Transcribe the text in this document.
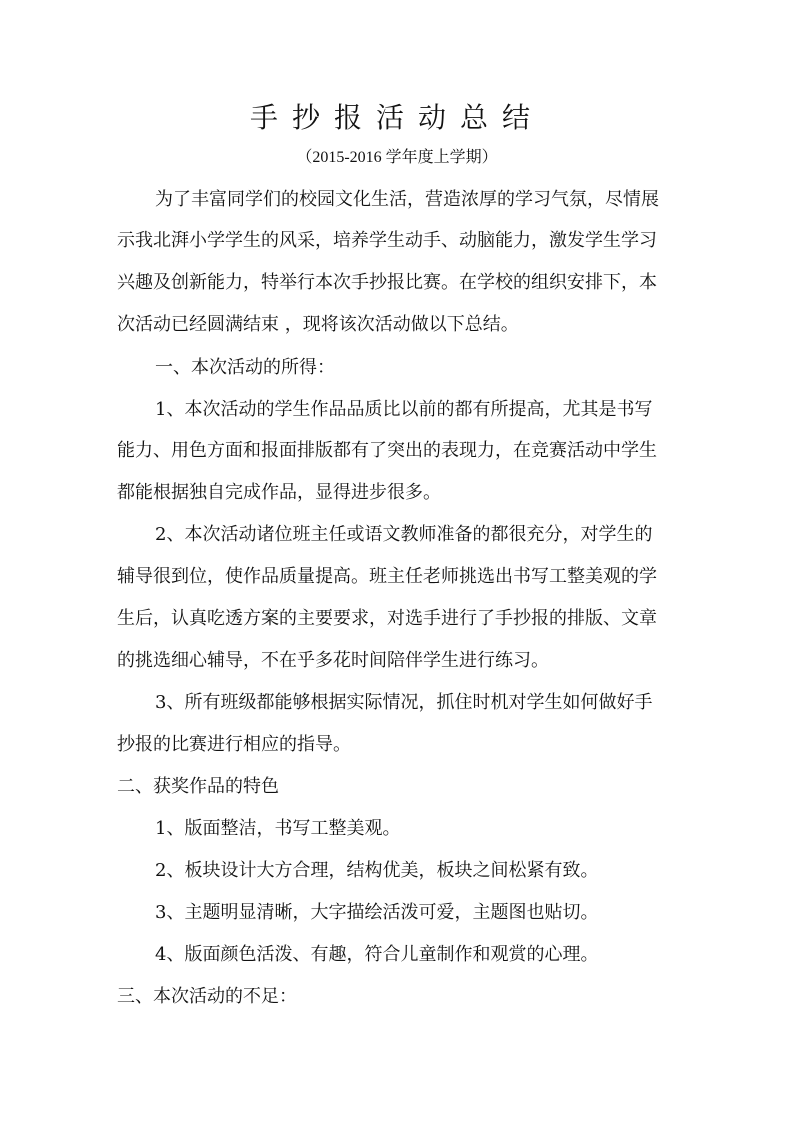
手抄报活动总结
（2015-2016 学年度上学期）
为了丰富同学们的校园文化生活，营造浓厚的学习气氛，尽情展
示我北湃小学学生的风采，培养学生动手、动脑能力，激发学生学习
兴趣及创新能力，特举行本次手抄报比赛。在学校的组织安排下，本
次活动已经圆满结束 ，现将该次活动做以下总结。
一、本次活动的所得：
1、本次活动的学生作品品质比以前的都有所提高，尤其是书写
能力、用色方面和报面排版都有了突出的表现力，在竞赛活动中学生
都能根据独自完成作品，显得进步很多。
2、本次活动诸位班主任或语文教师准备的都很充分，对学生的
辅导很到位，使作品质量提高。班主任老师挑选出书写工整美观的学
生后，认真吃透方案的主要要求，对选手进行了手抄报的排版、文章
的挑选细心辅导，不在乎多花时间陪伴学生进行练习。
3、所有班级都能够根据实际情况，抓住时机对学生如何做好手
抄报的比赛进行相应的指导。
二、获奖作品的特色
1、版面整洁，书写工整美观。
2、板块设计大方合理，结构优美，板块之间松紧有致。
3、主题明显清晰，大字描绘活泼可爱，主题图也贴切。
4、版面颜色活泼、有趣，符合儿童制作和观赏的心理。
三、本次活动的不足：
